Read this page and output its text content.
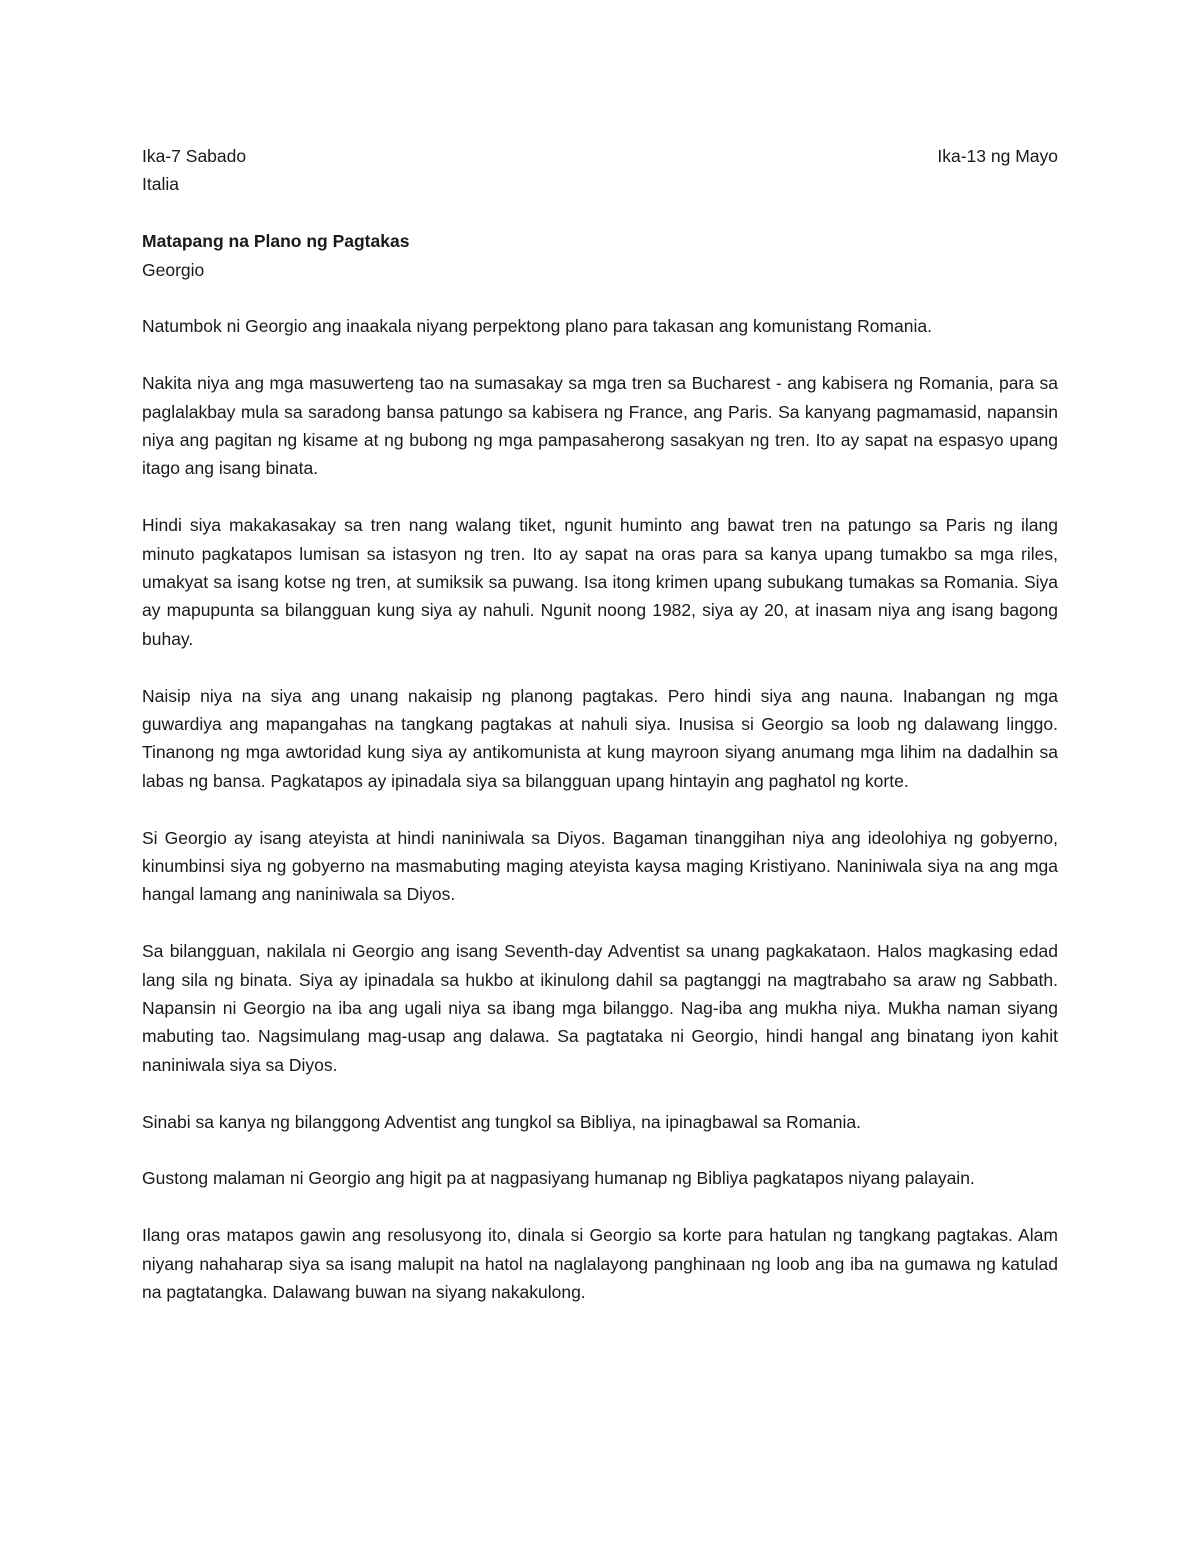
Ika-7 Sabado	Ika-13 ng Mayo
Italia
Matapang na Plano ng Pagtakas
Georgio

Natumbok ni Georgio ang inaakala niyang perpektong plano para takasan ang komunistang Romania.

Nakita niya ang mga masuwerteng tao na sumasakay sa mga tren sa Bucharest - ang kabisera ng Romania, para sa paglalakbay mula sa saradong bansa patungo sa kabisera ng France, ang Paris. Sa kanyang pagmamasid, napansin niya ang pagitan ng kisame at ng bubong ng mga pampasaherong sasakyan ng tren. Ito ay sapat na espasyo upang itago ang isang binata.

Hindi siya makakasakay sa tren nang walang tiket, ngunit huminto ang bawat tren na patungo sa Paris ng ilang minuto pagkatapos lumisan sa istasyon ng tren. Ito ay sapat na oras para sa kanya upang tumakbo sa mga riles, umakyat sa isang kotse ng tren, at sumiksik sa puwang. Isa itong krimen upang subukang tumakas sa Romania. Siya ay mapupunta sa bilangguan kung siya ay nahuli. Ngunit noong 1982, siya ay 20, at inasam niya ang isang bagong buhay.

Naisip niya na siya ang unang nakaisip ng planong pagtakas. Pero hindi siya ang nauna. Inabangan ng mga guwardiya ang mapangahas na tangkang pagtakas at nahuli siya. Inusisa si Georgio sa loob ng dalawang linggo. Tinanong ng mga awtoridad kung siya ay antikomunista at kung mayroon siyang anumang mga lihim na dadalhin sa labas ng bansa. Pagkatapos ay ipinadala siya sa bilangguan upang hintayin ang paghatol ng korte.

Si Georgio ay isang ateyista at hindi naniniwala sa Diyos. Bagaman tinanggihan niya ang ideolohiya ng gobyerno, kinumbinsi siya ng gobyerno na masmabuting maging ateyista kaysa maging Kristiyano. Naniniwala siya na ang mga hangal lamang ang naniniwala sa Diyos.

Sa bilangguan, nakilala ni Georgio ang isang Seventh-day Adventist sa unang pagkakataon. Halos magkasing edad lang sila ng binata. Siya ay ipinadala sa hukbo at ikinulong dahil sa pagtanggi na magtrabaho sa araw ng Sabbath. Napansin ni Georgio na iba ang ugali niya sa ibang mga bilanggo. Nag-iba ang mukha niya. Mukha naman siyang mabuting tao. Nagsimulang mag-usap ang dalawa. Sa pagtataka ni Georgio, hindi hangal ang binatang iyon kahit naniniwala siya sa Diyos.

Sinabi sa kanya ng bilanggong Adventist ang tungkol sa Bibliya, na ipinagbawal sa Romania.

Gustong malaman ni Georgio ang higit pa at nagpasiyang humanap ng Bibliya pagkatapos niyang palayain.

Ilang oras matapos gawin ang resolusyong ito, dinala si Georgio sa korte para hatulan ng tangkang pagtakas. Alam niyang nahaharap siya sa isang malupit na hatol na naglalayong panghinaan ng loob ang iba na gumawa ng katulad na pagtatangka. Dalawang buwan na siyang nakakulong.
